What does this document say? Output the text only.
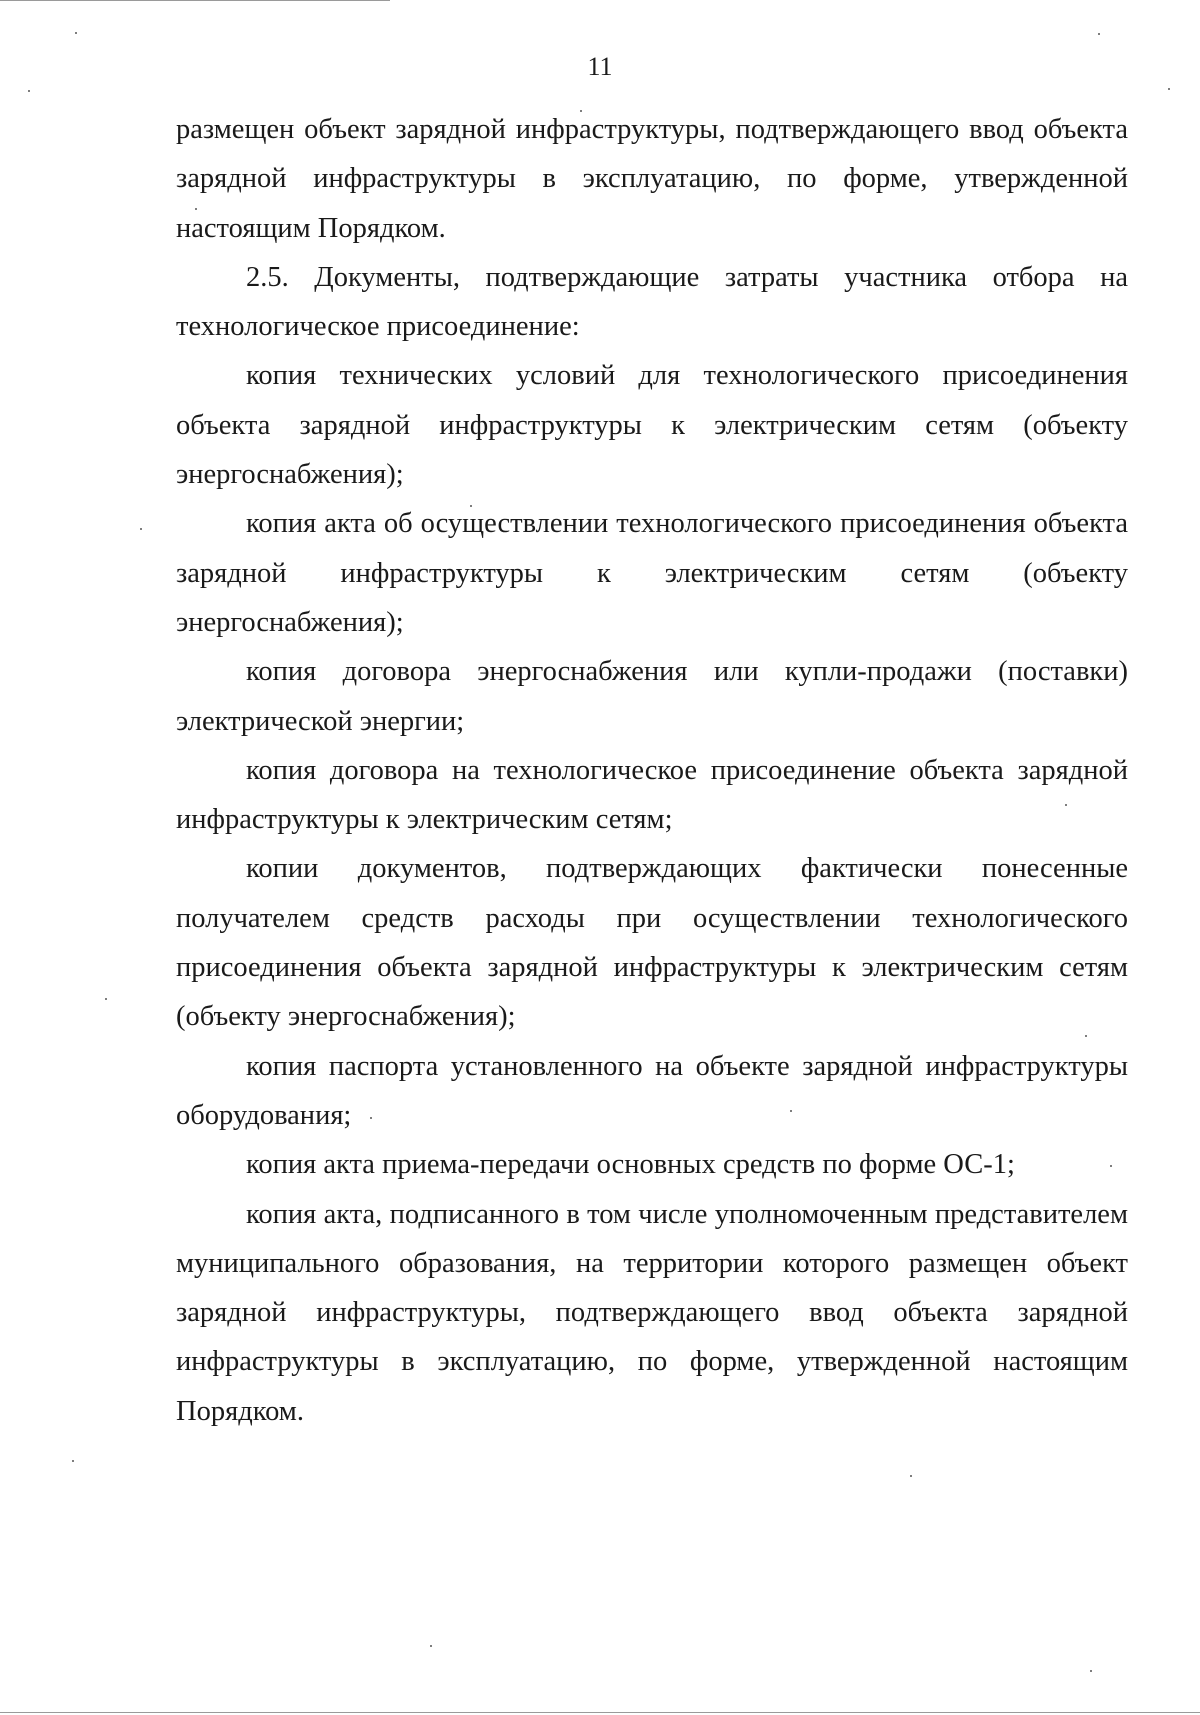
11

размещен объект зарядной инфраструктуры, подтверждающего ввод объекта зарядной инфраструктуры в эксплуатацию, по форме, утвержденной настоящим Порядком.

2.5. Документы, подтверждающие затраты участника отбора на технологическое присоединение:

копия технических условий для технологического присоединения объекта зарядной инфраструктуры к электрическим сетям (объекту энергоснабжения);

копия акта об осуществлении технологического присоединения объекта зарядной инфраструктуры к электрическим сетям (объекту энергоснабжения);

копия договора энергоснабжения или купли-продажи (поставки) электрической энергии;

копия договора на технологическое присоединение объекта зарядной инфраструктуры к электрическим сетям;

копии документов, подтверждающих фактически понесенные получателем средств расходы при осуществлении технологического присоединения объекта зарядной инфраструктуры к электрическим сетям (объекту энергоснабжения);

копия паспорта установленного на объекте зарядной инфраструктуры оборудования;

копия акта приема-передачи основных средств по форме ОС-1;

копия акта, подписанного в том числе уполномоченным представителем муниципального образования, на территории которого размещен объект зарядной инфраструктуры, подтверждающего ввод объекта зарядной инфраструктуры в эксплуатацию, по форме, утвержденной настоящим Порядком.
